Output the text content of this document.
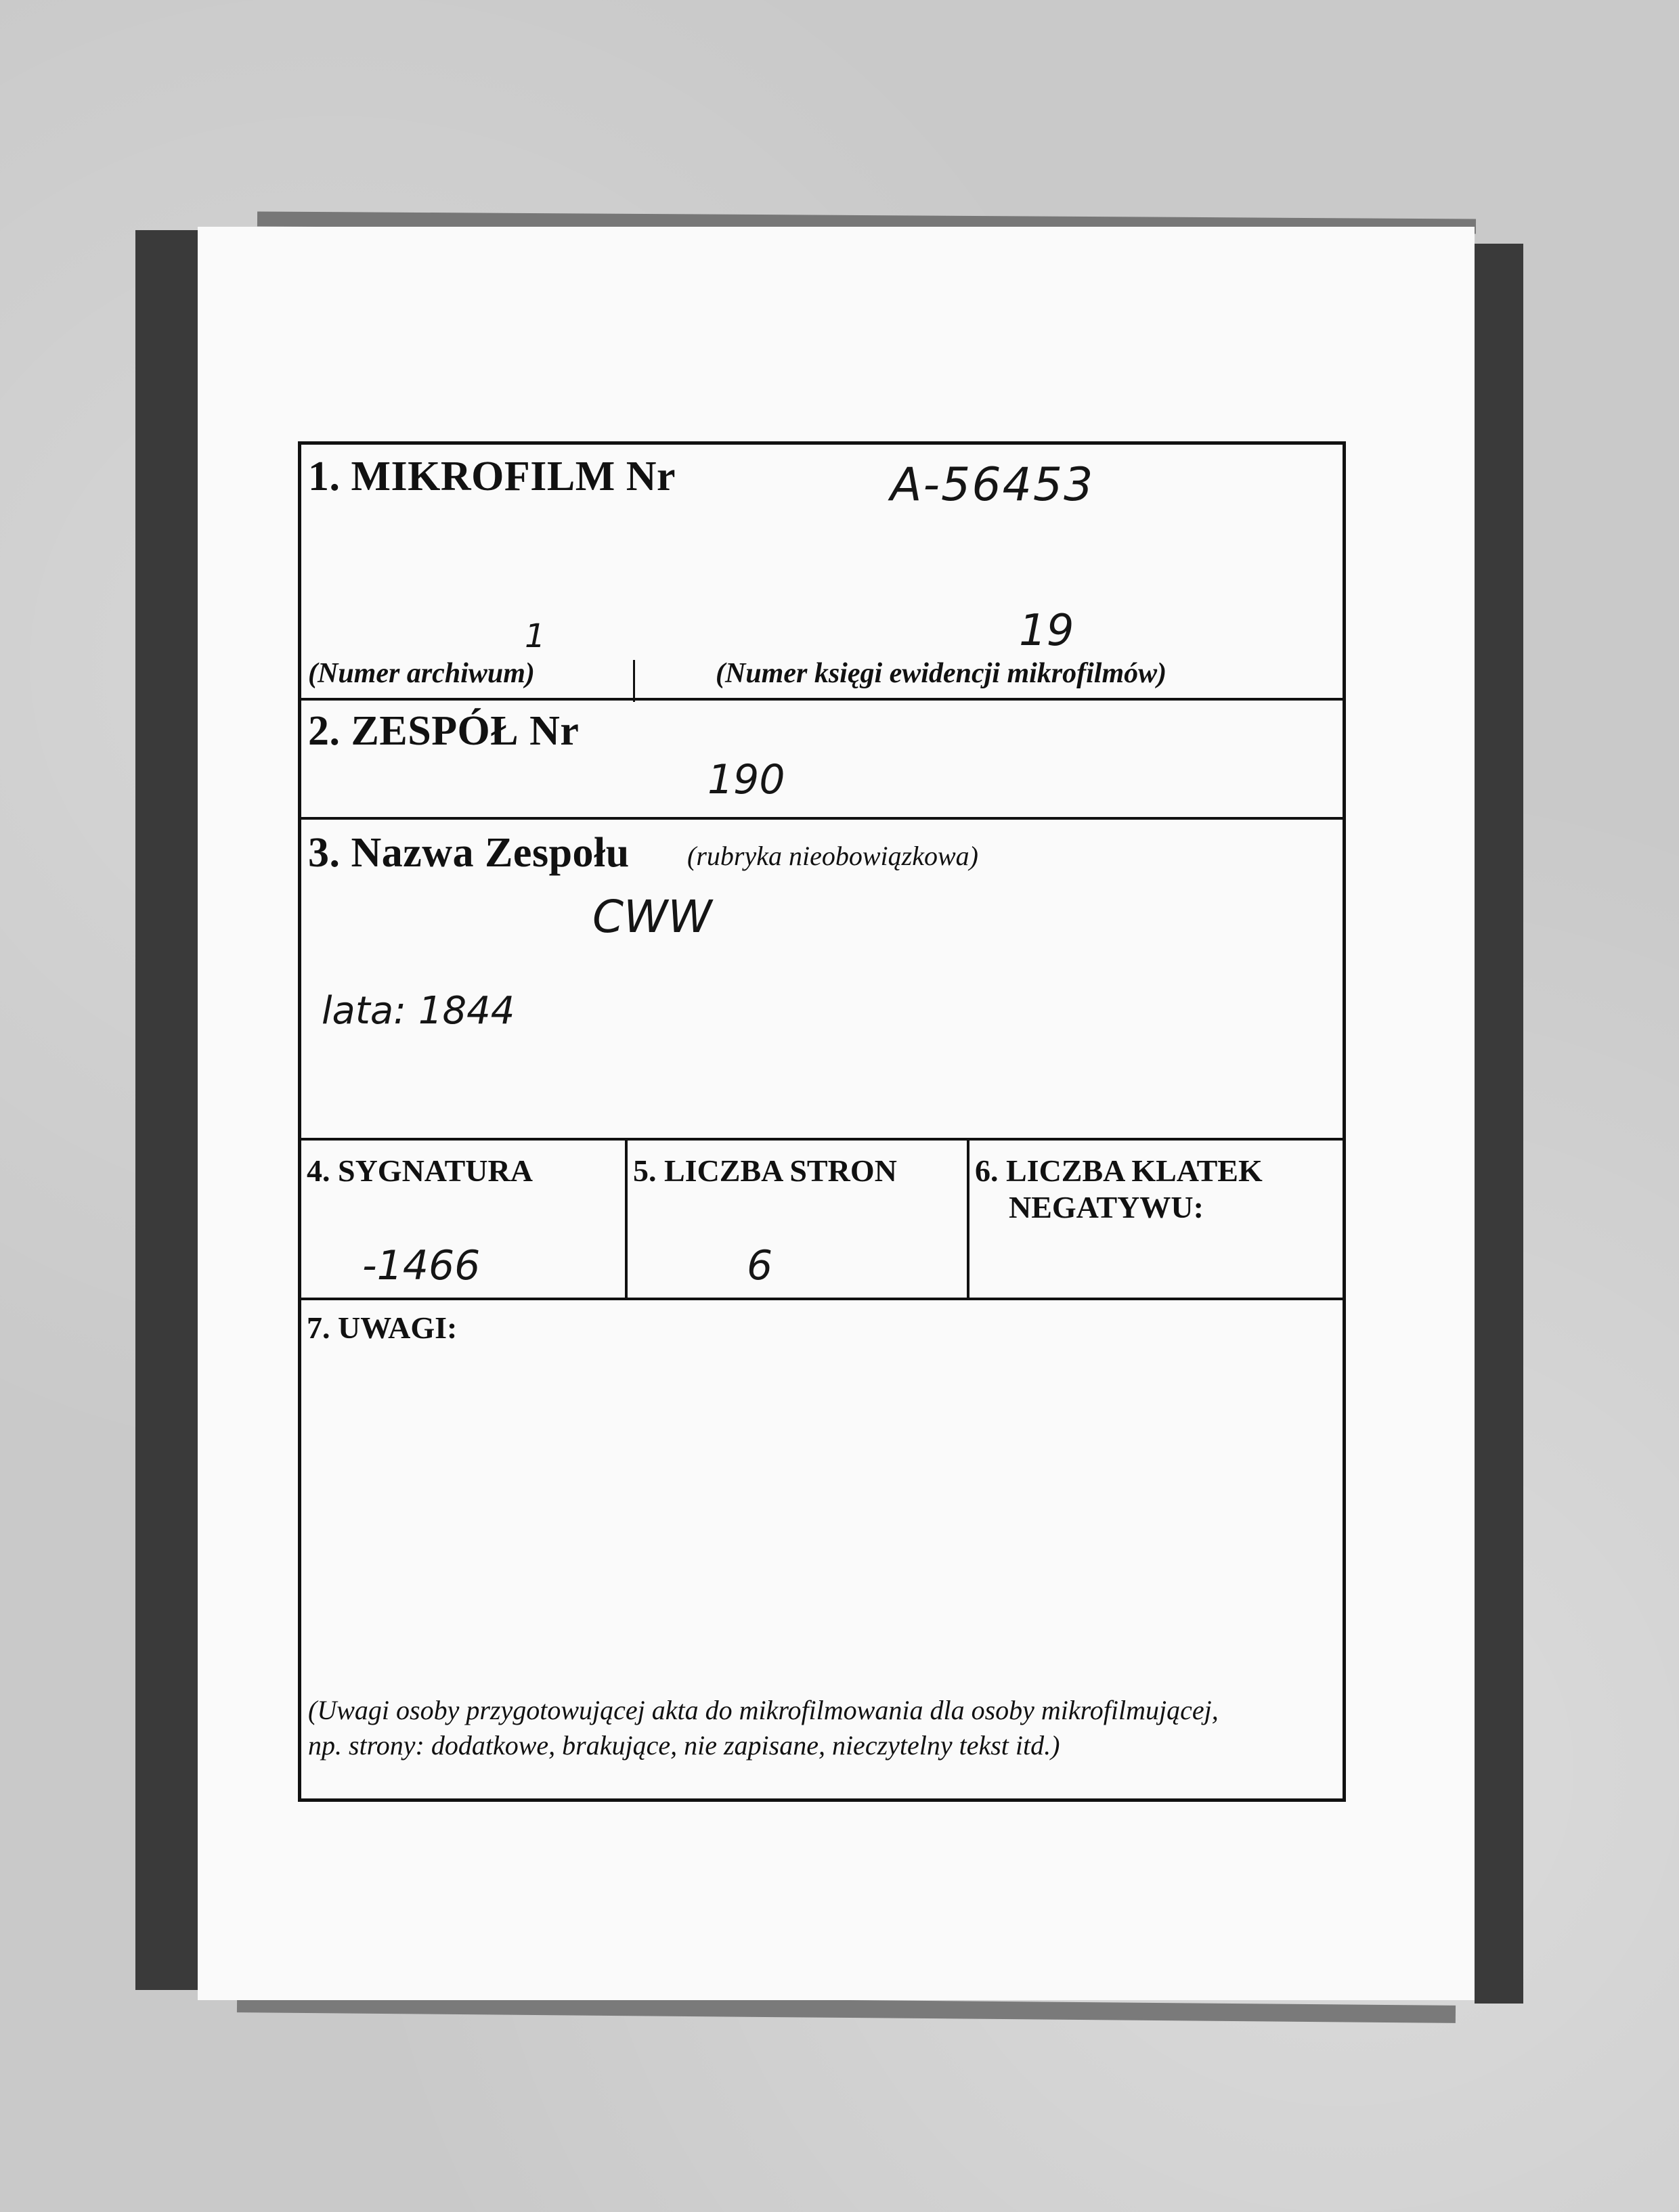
1. MIKROFILM Nr	A-56453
1	19
(Numer archiwum)	(Numer księgi ewidencji mikrofilmów)
2. ZESPÓŁ Nr
190
3. Nazwa Zespołu (rubryka nieobowiązkowa)
CWW
lata: 1844
4. SYGNATURA
-1466
5. LICZBA STRON
6
6. LICZBA KLATEK
NEGATYWU:
7. UWAGI:
(Uwagi osoby przygotowującej akta do mikrofilmowania dla osoby mikrofilmującej,
np. strony: dodatkowe, brakujące, nie zapisane, nieczytelny tekst itd.)
